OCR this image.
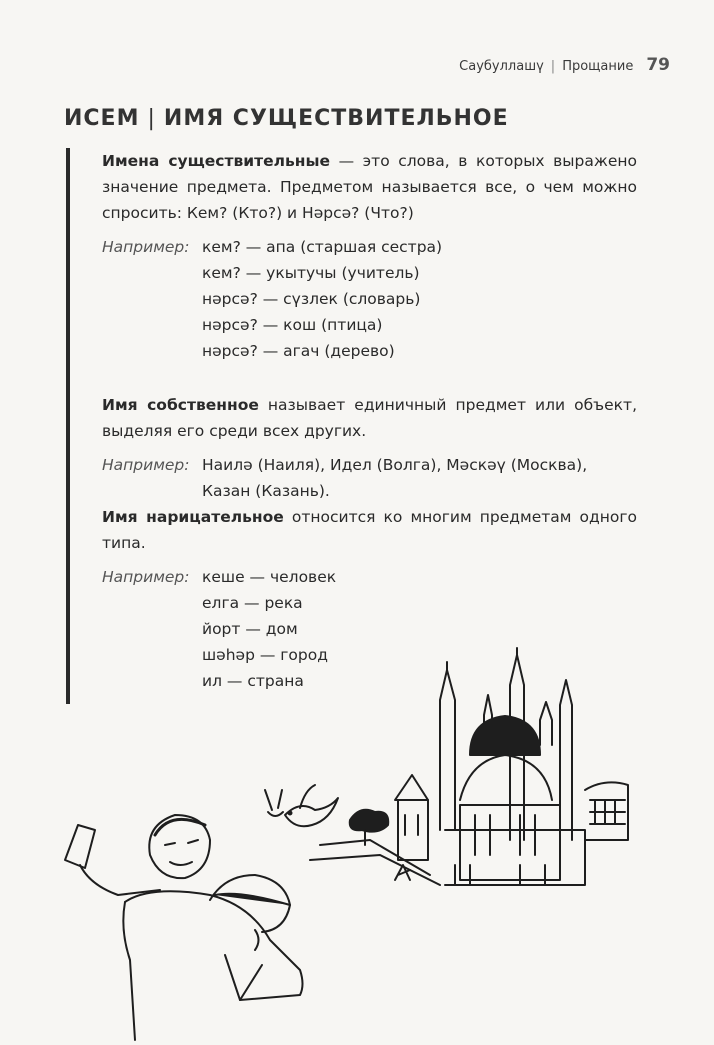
Саубуллашү | Прощание 79
ИСЕМ | ИМЯ СУЩЕСТВИТЕЛЬНОЕ

Имена существительные — это слова, в которых выражено значение предмета. Предметом называется все, о чем можно спросить: Кем? (Кто?) и Нәрсә? (Что?)

Например: кем? — апа (старшая сестра)
кем? — укытучы (учитель)
нәрсә? — сүзлек (словарь)
нәрсә? — кош (птица)
нәрсә? — агач (дерево)

Имя собственное называет единичный предмет или объект, выделяя его среди всех других.

Например: Наилә (Наиля), Идел (Волга), Мәскәү (Москва),
Казан (Казань).

Имя нарицательное относится ко многим предметам одного типа.

Например: кеше — человек
елга — река
йорт — дом
шәһәр — город
ил — страна
